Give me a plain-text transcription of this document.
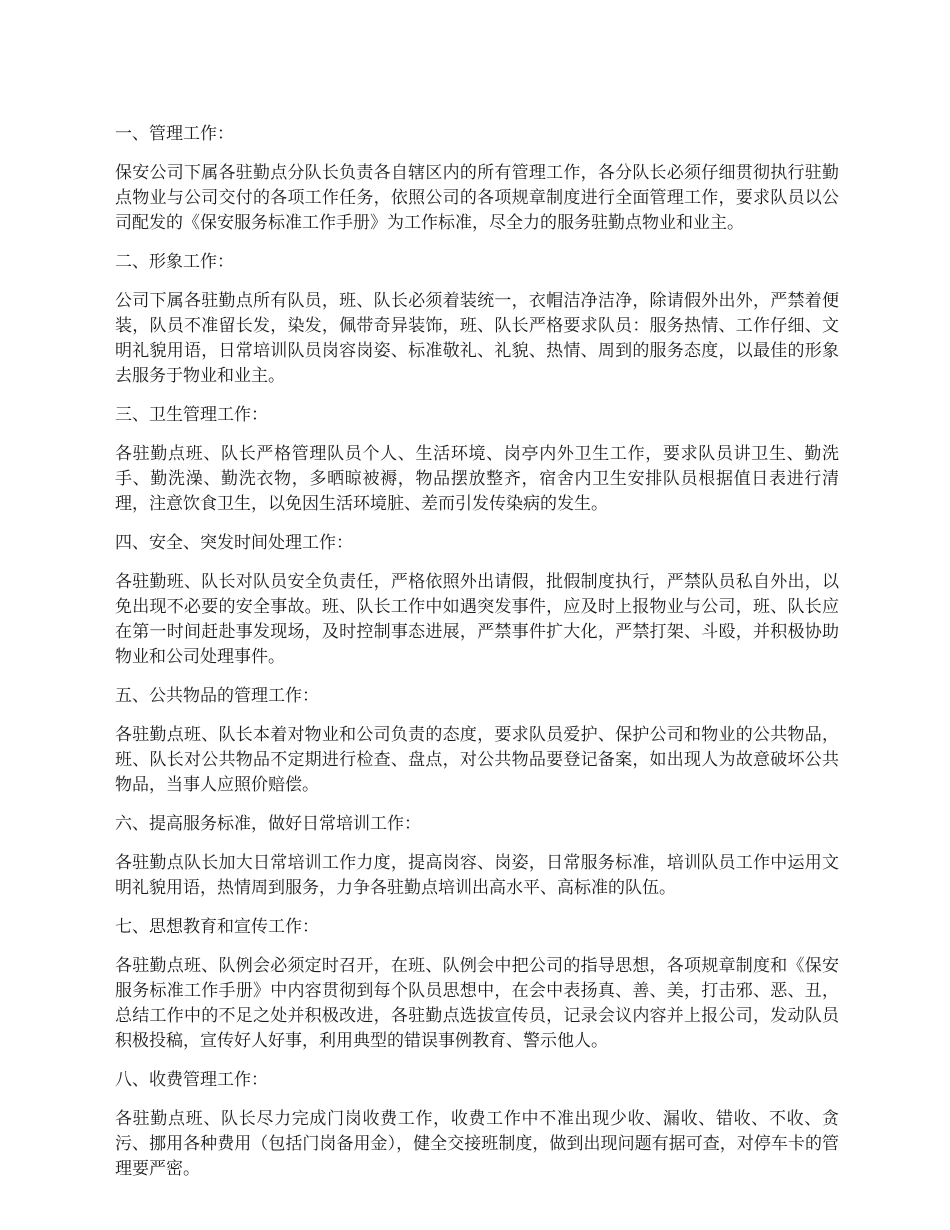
一、管理工作：

保安公司下属各驻勤点分队长负责各自辖区内的所有管理工作，各分队长必须仔细贯彻执行驻勤点物业与公司交付的各项工作任务，依照公司的各项规章制度进行全面管理工作，要求队员以公司配发的《保安服务标准工作手册》为工作标准，尽全力的服务驻勤点物业和业主。

二、形象工作：

公司下属各驻勤点所有队员，班、队长必须着装统一，衣帽洁净洁净，除请假外出外，严禁着便装，队员不准留长发，染发，佩带奇异装饰，班、队长严格要求队员：服务热情、工作仔细、文明礼貌用语，日常培训队员岗容岗姿、标准敬礼、礼貌、热情、周到的服务态度，以最佳的形象去服务于物业和业主。

三、卫生管理工作：

各驻勤点班、队长严格管理队员个人、生活环境、岗亭内外卫生工作，要求队员讲卫生、勤洗手、勤洗澡、勤洗衣物，多晒晾被褥，物品摆放整齐，宿舍内卫生安排队员根据值日表进行清理，注意饮食卫生，以免因生活环境脏、差而引发传染病的发生。

四、安全、突发时间处理工作：

各驻勤班、队长对队员安全负责任，严格依照外出请假，批假制度执行，严禁队员私自外出，以免出现不必要的安全事故。班、队长工作中如遇突发事件，应及时上报物业与公司，班、队长应在第一时间赶赴事发现场，及时控制事态进展，严禁事件扩大化，严禁打架、斗殴，并积极协助物业和公司处理事件。

五、公共物品的管理工作：

各驻勤点班、队长本着对物业和公司负责的态度，要求队员爱护、保护公司和物业的公共物品，班、队长对公共物品不定期进行检查、盘点，对公共物品要登记备案，如出现人为故意破坏公共物品，当事人应照价赔偿。

六、提高服务标准，做好日常培训工作：

各驻勤点队长加大日常培训工作力度，提高岗容、岗姿，日常服务标准，培训队员工作中运用文明礼貌用语，热情周到服务，力争各驻勤点培训出高水平、高标准的队伍。

七、思想教育和宣传工作：

各驻勤点班、队例会必须定时召开，在班、队例会中把公司的指导思想，各项规章制度和《保安服务标准工作手册》中内容贯彻到每个队员思想中，在会中表扬真、善、美，打击邪、恶、丑，总结工作中的不足之处并积极改进，各驻勤点选拔宣传员，记录会议内容并上报公司，发动队员积极投稿，宣传好人好事，利用典型的错误事例教育、警示他人。

八、收费管理工作：

各驻勤点班、队长尽力完成门岗收费工作，收费工作中不准出现少收、漏收、错收、不收、贪污、挪用各种费用（包括门岗备用金），健全交接班制度，做到出现问题有据可查，对停车卡的管理要严密。
